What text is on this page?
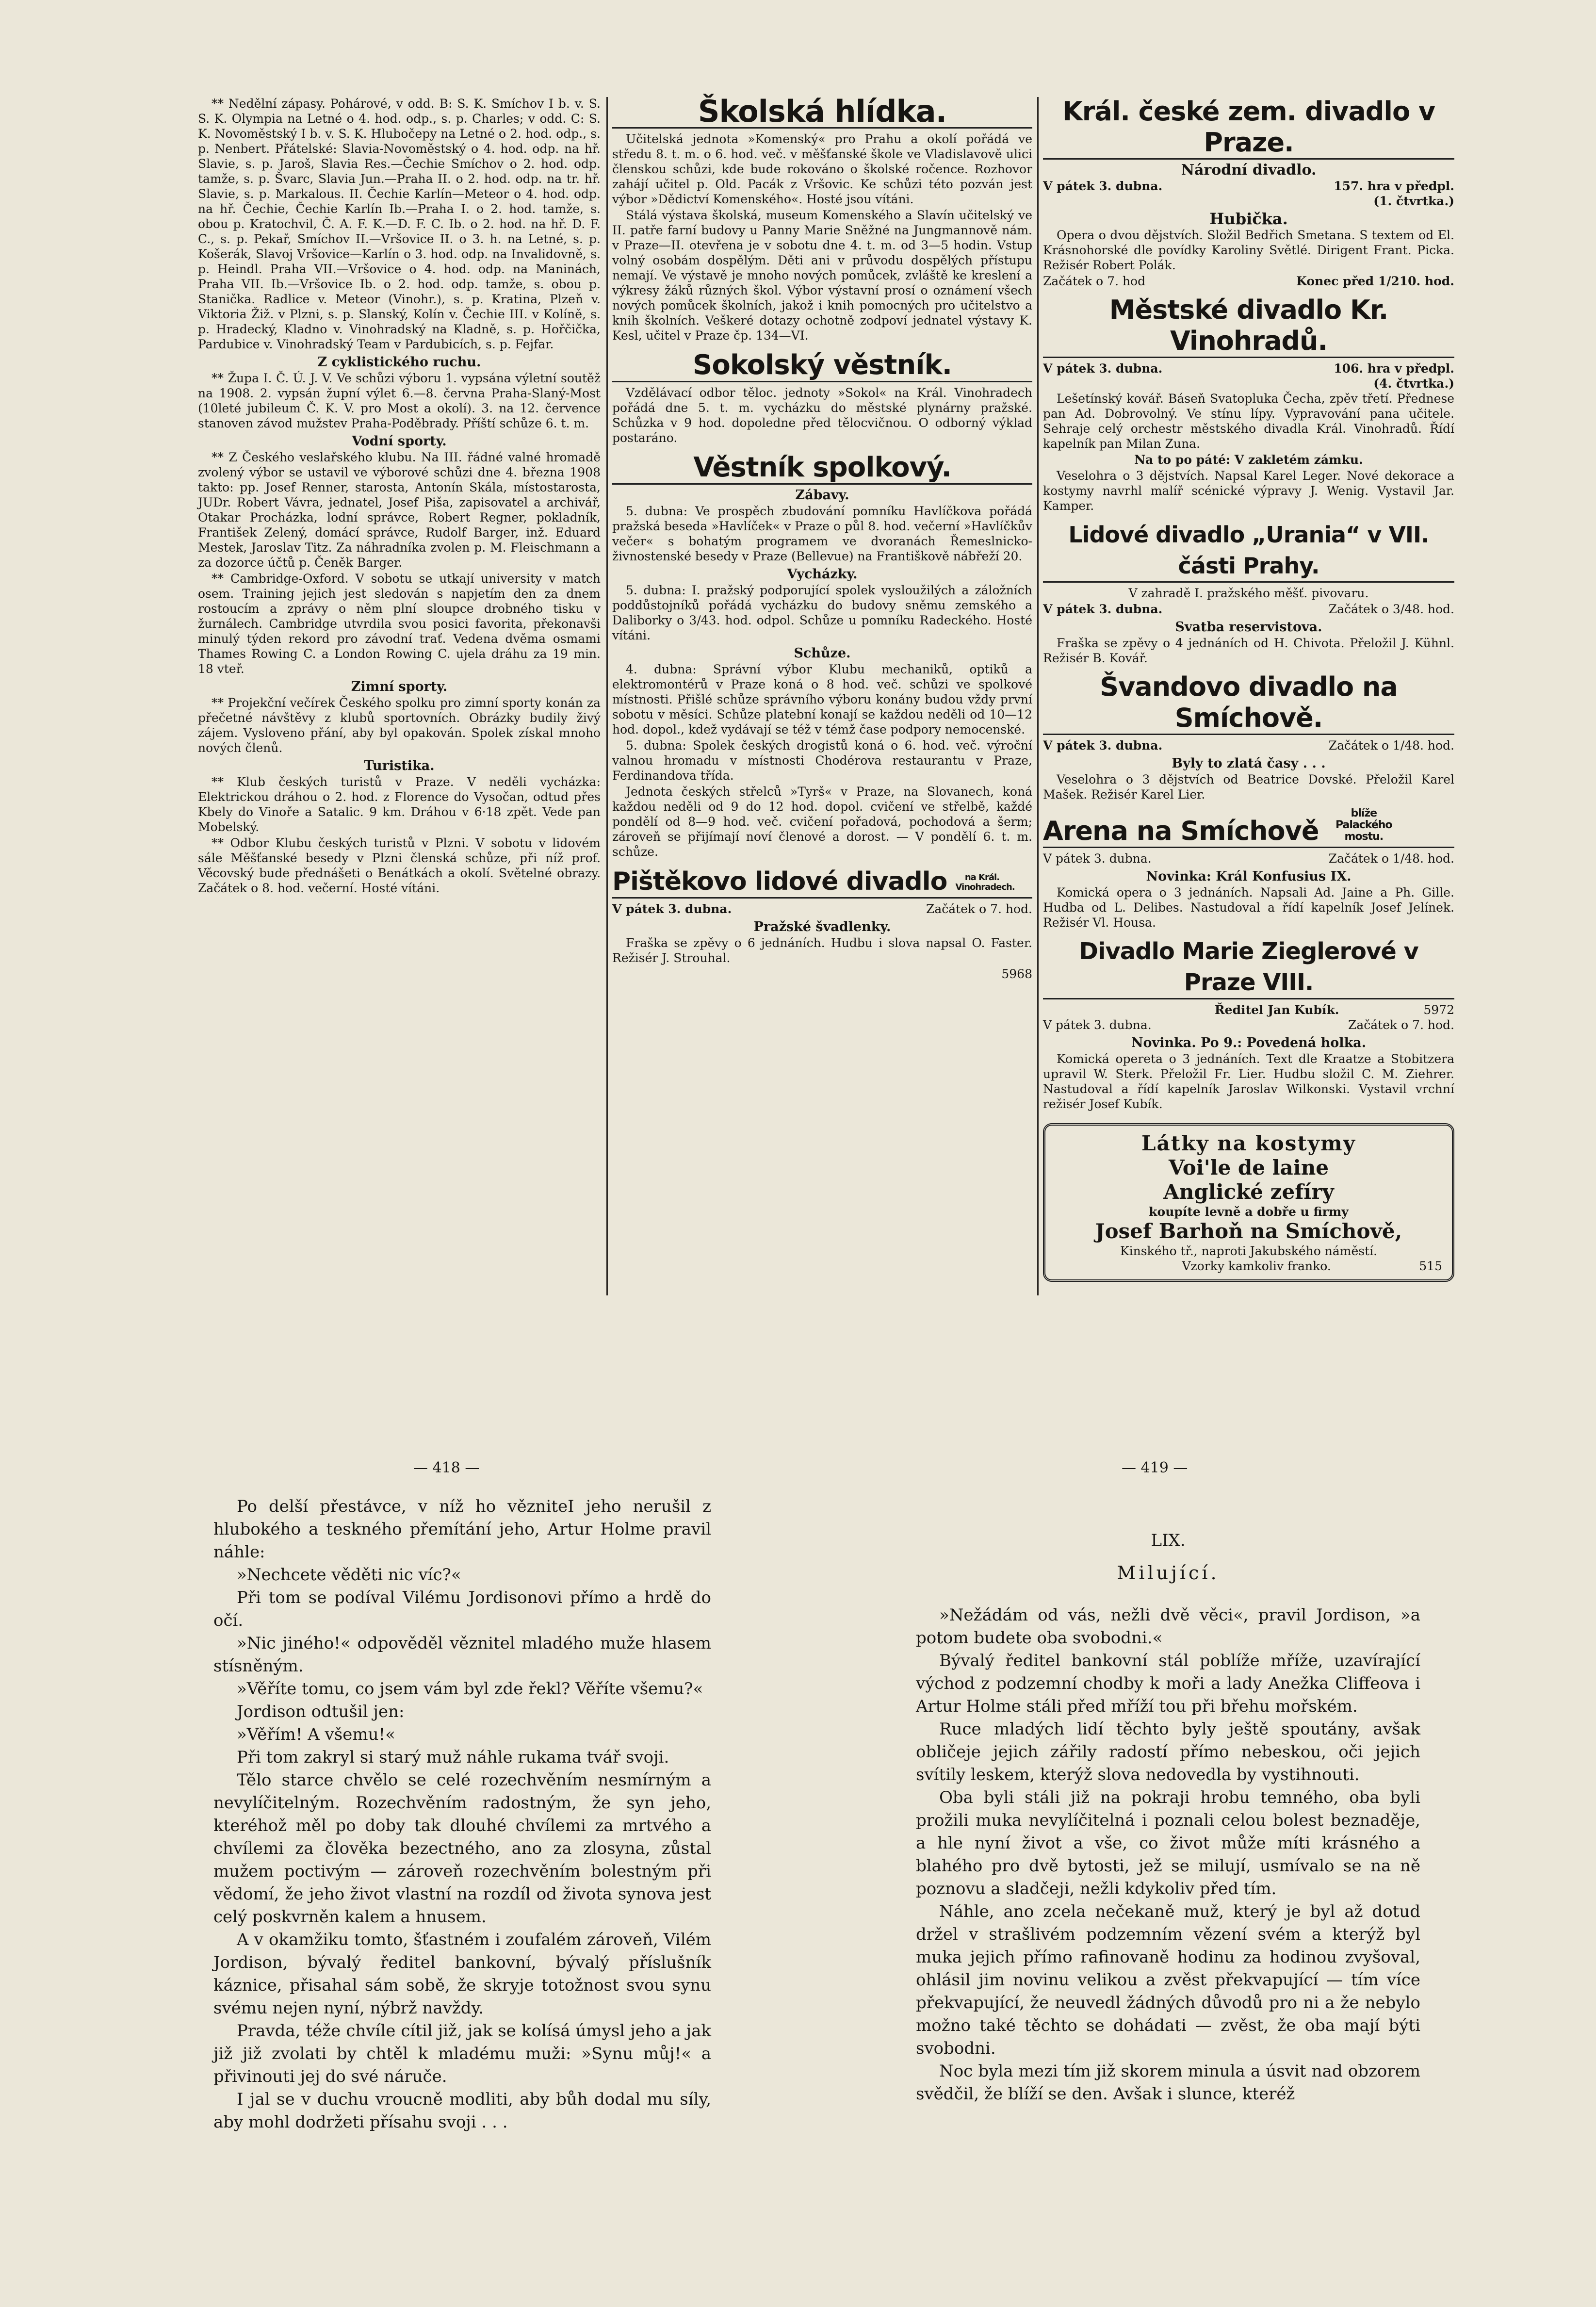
** Nedělní zápasy. Pohárové, v odd. B: S. K. Smíchov I b. v. S. S. K. Olympia na Letné o 4. hod. odp., s. p. Charles; v odd. C: S. K. Novoměstský I b. v. S. K. Hlubočepy na Letné o 2. hod. odp., s. p. Nenbert. Přátelské: Slavia-Novoměstský o 4. hod. odp. na hř. Slavie, s. p. Jaroš, Slavia Res.—Čechie Smíchov o 2. hod. odp. tamže, s. p. Švarc, Slavia Jun.—Praha II. o 2. hod. odp. na tr. hř. Slavie, s. p. Markalous. II. Čechie Karlín—Meteor o 4. hod. odp. na hř. Čechie, Čechie Karlín Ib.—Praha I. o 2. hod. tamže, s. obou p. Kratochvil, Č. A. F. K.—D. F. C. Ib. o 2. hod. na hř. D. F. C., s. p. Pekař, Smíchov II.—Vršovice II. o 3. h. na Letné, s. p. Košerák, Slavoj Vršovice—Karlín o 3. hod. odp. na Invalidovně, s. p. Heindl. Praha VII.—Vršovice o 4. hod. odp. na Maninách, Praha VII. Ib.—Vršovice Ib. o 2. hod. odp. tamže, s. obou p. Stanička. Radlice v. Meteor (Vinohr.), s. p. Kratina, Plzeň v. Viktoria Žiž. v Plzni, s. p. Slanský, Kolín v. Čechie III. v Kolíně, s. p. Hradecký, Kladno v. Vinohradský na Kladně, s. p. Hořčička, Pardubice v. Vinohradský Team v Pardubicích, s. p. Fejfar.

Z cyklistického ruchu.

** Župa I. Č. Ú. J. V. Ve schůzi výboru 1. vypsána výletní soutěž na 1908. 2. vypsán župní výlet 6.—8. června Praha-Slaný-Most (10leté jubileum Č. K. V. pro Most a okolí). 3. na 12. července stanoven závod mužstev Praha-Poděbrady. Příští schůze 6. t. m.

Vodní sporty.

** Z Českého veslařského klubu. Na III. řádné valné hromadě zvolený výbor se ustavil ve výborové schůzi dne 4. března 1908 takto: pp. Josef Renner, starosta, Antonín Skála, místostarosta, JUDr. Robert Vávra, jednatel, Josef Piša, zapisovatel a archivář, Otakar Procházka, lodní správce, Robert Regner, pokladník, František Zelený, domácí správce, Rudolf Barger, inž. Eduard Mestek, Jaroslav Titz. Za náhradníka zvolen p. M. Fleischmann a za dozorce účtů p. Čeněk Barger.

** Cambridge-Oxford. V sobotu se utkají university v match osem. Training jejich jest sledován s napjetím den za dnem rostoucím a zprávy o něm plní sloupce drobného tisku v žurnálech. Cambridge utvrdila svou posici favorita, překonavši minulý týden rekord pro závodní trať. Vedena dvěma osmami Thames Rowing C. a London Rowing C. ujela dráhu za 19 min. 18 vteř.

Zimní sporty.

** Projekční večírek Českého spolku pro zimní sporty konán za přečetné návštěvy z klubů sportovních. Obrázky budily živý zájem. Vysloveno přání, aby byl opakován. Spolek získal mnoho nových členů.

Turistika.

** Klub českých turistů v Praze. V neděli vycházka: Elektrickou dráhou o 2. hod. z Florence do Vysočan, odtud přes Kbely do Vinoře a Satalic. 9 km. Dráhou v 6·18 zpět. Vede pan Mobelský.

** Odbor Klubu českých turistů v Plzni. V sobotu v lidovém sále Měšťanské besedy v Plzni členská schůze, při níž prof. Věcovský bude přednášeti o Benátkách a okolí. Světelné obrazy. Začátek o 8. hod. večerní. Hosté vítáni.

Školská hlídka.

Učitelská jednota »Komenský« pro Prahu a okolí pořádá ve středu 8. t. m. o 6. hod. več. v měšťanské škole ve Vladislavově ulici členskou schůzi, kde bude rokováno o školské ročence. Rozhovor zahájí učitel p. Old. Pacák z Vršovic. Ke schůzi této pozván jest výbor »Dědictví Komenského«. Hosté jsou vítáni.

Stálá výstava školská, museum Komenského a Slavín učitelský ve II. patře farní budovy u Panny Marie Sněžné na Jungmannově nám. v Praze—II. otevřena je v sobotu dne 4. t. m. od 3—5 hodin. Vstup volný osobám dospělým. Děti ani v průvodu dospělých přístupu nemají. Ve výstavě je mnoho nových pomůcek, zvláště ke kreslení a výkresy žáků různých škol. Výbor výstavní prosí o oznámení všech nových pomůcek školních, jakož i knih pomocných pro učitelstvo a knih školních. Veškeré dotazy ochotně zodpoví jednatel výstavy K. Kesl, učitel v Praze čp. 134—VI.

Sokolský věstník.

Vzdělávací odbor těloc. jednoty »Sokol« na Král. Vinohradech pořádá dne 5. t. m. vycházku do městské plynárny pražské. Schůzka v 9 hod. dopoledne před tělocvičnou. O odborný výklad postaráno.

Věstník spolkový.

Zábavy.

5. dubna: Ve prospěch zbudování pomníku Havlíčkova pořádá pražská beseda »Havlíček« v Praze o půl 8. hod. večerní »Havlíčkův večer« s bohatým programem ve dvoranách Řemeslnicko-živnostenské besedy v Praze (Bellevue) na Františkově nábřeží 20.

Vycházky.

5. dubna: I. pražský podporující spolek vysloužilých a záložních poddůstojníků pořádá vycházku do budovy sněmu zemského a Daliborky o 3/43. hod. odpol. Schůze u pomníku Radeckého. Hosté vítáni.

Schůze.

4. dubna: Správní výbor Klubu mechaniků, optiků a elektromontérů v Praze koná o 8 hod. več. schůzi ve spolkové místnosti. Přišlé schůze správního výboru konány budou vždy první sobotu v měsíci. Schůze platební konají se každou neděli od 10—12 hod. dopol., kdež vydávají se též v témž čase podpory nemocenské.

5. dubna: Spolek českých drogistů koná o 6. hod. več. výroční valnou hromadu v místnosti Chodérova restaurantu v Praze, Ferdinandova třída.

Jednota českých střelců »Tyrš« v Praze, na Slovanech, koná každou neděli od 9 do 12 hod. dopol. cvičení ve střelbě, každé pondělí od 8—9 hod. več. cvičení pořadová, pochodová a šerm; zároveň se přijímají noví členové a dorost. — V pondělí 6. t. m. schůze.

Pištěkovo lidové divadlo na Král. Vinohradech.
V pátek 3. dubna.	Začátek o 7. hod.

Pražské švadlenky.

Fraška se zpěvy o 6 jednáních. Hudbu i slova napsal O. Faster. Režisér J. Strouhal.

5968
Král. české zem. divadlo v Praze.

Národní divadlo.

V pátek 3. dubna.	157. hra v předpl.
(1. čtvrtka.)

Hubička.

Opera o dvou dějstvích. Složil Bedřich Smetana. S textem od El. Krásnohorské dle povídky Karoliny Světlé. Dirigent Frant. Picka. Režisér Robert Polák.

Začátek o 7. hod	Konec před 1/210. hod.
Městské divadlo Kr. Vinohradů.
V pátek 3. dubna.	106. hra v předpl.
(4. čtvrtka.)

Lešetínský kovář. Báseň Svatopluka Čecha, zpěv třetí. Přednese pan Ad. Dobrovolný. Ve stínu lípy. Vypravování pana učitele. Sehraje celý orchestr městského divadla Král. Vinohradů. Řídí kapelník pan Milan Zuna.

Na to po páté: V zakletém zámku.

Veselohra o 3 dějstvích. Napsal Karel Leger. Nové dekorace a kostymy navrhl malíř scénické výpravy J. Wenig. Vystavil Jar. Kamper.

Lidové divadlo „Urania“ v VII. části Prahy.

V zahradě I. pražského měšť. pivovaru.

V pátek 3. dubna.	Začátek o 3/48. hod.

Svatba reservistova.

Fraška se zpěvy o 4 jednáních od H. Chivota. Přeložil J. Kühnl. Režisér B. Kovář.

Švandovo divadlo na Smíchově.
V pátek 3. dubna.	Začátek o 1/48. hod.

Byly to zlatá časy . . .

Veselohra o 3 dějstvích od Beatrice Dovské. Přeložil Karel Mašek. Režisér Karel Lier.

Arena na Smíchově blíže Palackého mostu.
V pátek 3. dubna.	Začátek o 1/48. hod.

Novinka: Král Konfusius IX.

Komická opera o 3 jednáních. Napsali Ad. Jaine a Ph. Gille. Hudba od L. Delibes. Nastudoval a řídí kapelník Josef Jelínek. Režisér Vl. Housa.

Divadlo Marie Zieglerové v Praze VIII.
Ředitel Jan Kubík.	5972
V pátek 3. dubna.	Začátek o 7. hod.

Novinka. Po 9.: Povedená holka.

Komická opereta o 3 jednáních. Text dle Kraatze a Stobitzera upravil W. Sterk. Přeložil Fr. Lier. Hudbu složil C. M. Ziehrer. Nastudoval a řídí kapelník Jaroslav Wilkonski. Vystavil vrchní režisér Josef Kubík.

Látky na kostymy
Voi'le de laine
Anglické zefíry
koupíte levně a dobře u firmy
Josef Barhoň na Smíchově,
Kinského tř., naproti Jakubského náměstí.
Vzorky kamkoliv franko.	515
— 418 —	— 419 —

Po delší přestávce, v níž ho vězniteI jeho nerušil z hlubokého a teskného přemítání jeho, Artur Holme pravil náhle:

»Nechcete věděti nic víc?«

Při tom se podíval Vilému Jordisonovi přímo a hrdě do očí.

»Nic jiného!« odpověděl věznitel mladého muže hlasem stísněným.

»Věříte tomu, co jsem vám byl zde řekl? Věříte všemu?«

Jordison odtušil jen:

»Věřím! A všemu!«

Při tom zakryl si starý muž náhle rukama tvář svoji.

Tělo starce chvělo se celé rozechvěním nesmírným a nevylíčitelným. Rozechvěním radostným, že syn jeho, kteréhož měl po doby tak dlouhé chvílemi za mrtvého a chvílemi za člověka bezectného, ano za zlosyna, zůstal mužem poctivým — zároveň rozechvěním bolestným při vědomí, že jeho život vlastní na rozdíl od života synova jest celý poskvrněn kalem a hnusem.

A v okamžiku tomto, šťastném i zoufalém zároveň, Vilém Jordison, bývalý ředitel bankovní, bývalý příslušník káznice, přisahal sám sobě, že skryje totožnost svou synu svému nejen nyní, nýbrž navždy.

Pravda, téže chvíle cítil již, jak se kolísá úmysl jeho a jak již již zvolati by chtěl k mladému muži: »Synu můj!« a přivinouti jej do své náruče.

I jal se v duchu vroucně modliti, aby bůh dodal mu síly, aby mohl dodržeti přísahu svoji . . .

LIX.

Milující.

»Nežádám od vás, nežli dvě věci«, pravil Jordison, »a potom budete oba svobodni.«

Bývalý ředitel bankovní stál poblíže mříže, uzavírající východ z podzemní chodby k moři a lady Anežka Cliffeova i Artur Holme stáli před mříží tou při břehu mořském.

Ruce mladých lidí těchto byly ještě spoutány, avšak obličeje jejich zářily radostí přímo nebeskou, oči jejich svítily leskem, kterýž slova nedovedla by vystihnouti.

Oba byli stáli již na pokraji hrobu temného, oba byli prožili muka nevylíčitelná i poznali celou bolest beznaděje, a hle nyní život a vše, co život může míti krásného a blahého pro dvě bytosti, jež se milují, usmívalo se na ně poznovu a sladčeji, nežli kdykoliv před tím.

Náhle, ano zcela nečekaně muž, který je byl až dotud držel v strašlivém podzemním vězení svém a kterýž byl muka jejich přímo rafinovaně hodinu za hodinou zvyšoval, ohlásil jim novinu velikou a zvěst překvapující — tím více překvapující, že neuvedl žádných důvodů pro ni a že nebylo možno také těchto se dohádati — zvěst, že oba mají býti svobodni.

Noc byla mezi tím již skorem minula a úsvit nad obzorem svědčil, že blíží se den. Avšak i slunce, kteréž
